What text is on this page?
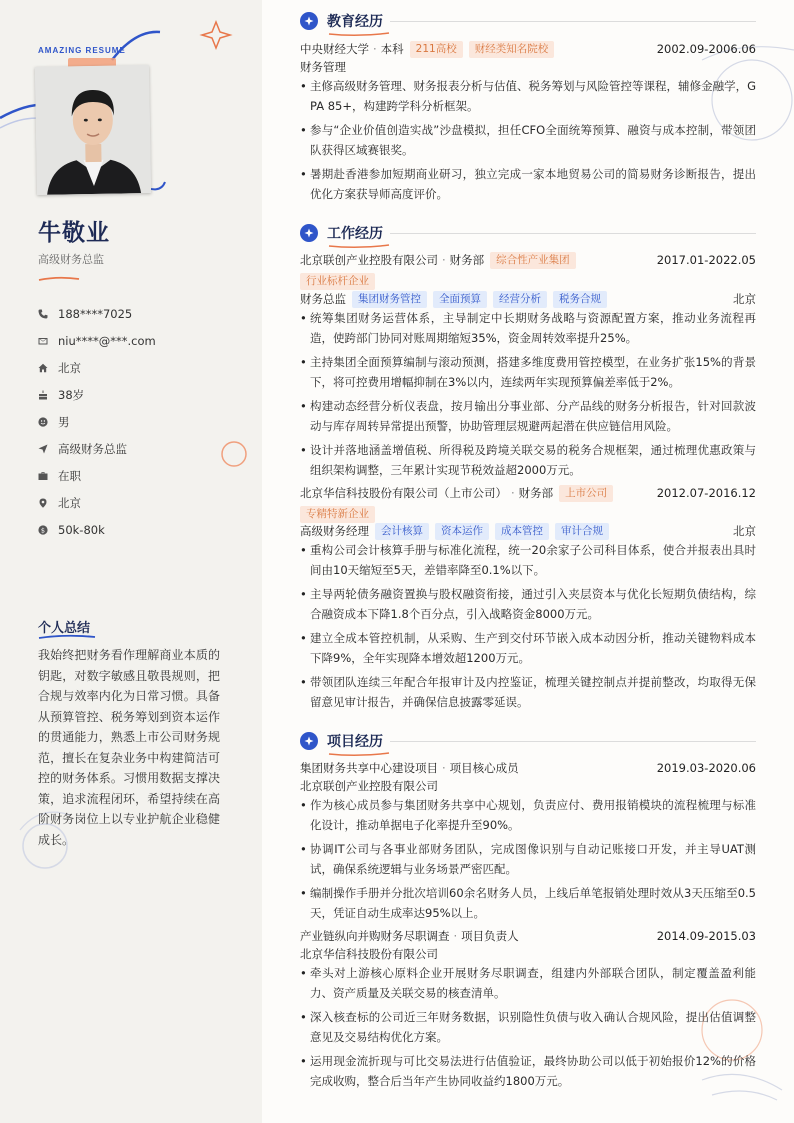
AMAZING RESUME
牛敬业
高级财务总监
188****7025
niu****@***.com
北京
38岁
男
高级财务总监
在职
北京
$ 50k-80k
个人总结
我始终把财务看作理解商业本质的钥匙，对数字敏感且敬畏规则，把合规与效率内化为日常习惯。具备从预算管控、税务筹划到资本运作的贯通能力，熟悉上市公司财务规范，擅长在复杂业务中构建简洁可控的财务体系。习惯用数据支撑决策，追求流程闭环，希望持续在高阶财务岗位上以专业护航企业稳健成长。
教育经历
中央财经大学 · 本科	211高校	财经类知名院校	2002.09-2006.06
财务管理
• 主修高级财务管理、财务报表分析与估值、税务筹划与风险管控等课程，辅修金融学，GPA 85+，构建跨学科分析框架。
• 参与“企业价值创造实战”沙盘模拟，担任CFO全面统筹预算、融资与成本控制，带领团队获得区域赛银奖。
• 暑期赴香港参加短期商业研习，独立完成一家本地贸易公司的简易财务诊断报告，提出优化方案获导师高度评价。
工作经历
北京联创产业控股有限公司 · 财务部	综合性产业集团	2017.01-2022.05
行业标杆企业
财务总监	集团财务管控	全面预算	经营分析	税务合规	北京
• 统筹集团财务运营体系，主导制定中长期财务战略与资源配置方案，推动业务流程再造，使跨部门协同对账周期缩短35%，资金周转效率提升25%。
• 主持集团全面预算编制与滚动预测，搭建多维度费用管控模型，在业务扩张15%的背景下，将可控费用增幅抑制在3%以内，连续两年实现预算偏差率低于2%。
• 构建动态经营分析仪表盘，按月输出分事业部、分产品线的财务分析报告，针对回款波动与库存周转异常提出预警，协助管理层规避两起潜在供应链信用风险。
• 设计并落地涵盖增值税、所得税及跨境关联交易的税务合规框架，通过梳理优惠政策与组织架构调整，三年累计实现节税效益超2000万元。
北京华信科技股份有限公司（上市公司） · 财务部	上市公司	2012.07-2016.12
专精特新企业
高级财务经理	会计核算	资本运作	成本管控	审计合规	北京
• 重构公司会计核算手册与标准化流程，统一20余家子公司科目体系，使合并报表出具时间由10天缩短至5天，差错率降至0.1%以下。
• 主导两轮债务融资置换与股权融资衔接，通过引入夹层资本与优化长短期负债结构，综合融资成本下降1.8个百分点，引入战略资金8000万元。
• 建立全成本管控机制，从采购、生产到交付环节嵌入成本动因分析，推动关键物料成本下降9%，全年实现降本增效超1200万元。
• 带领团队连续三年配合年报审计及内控鉴证，梳理关键控制点并提前整改，均取得无保留意见审计报告，并确保信息披露零延误。
项目经历
集团财务共享中心建设项目 · 项目核心成员	2019.03-2020.06
北京联创产业控股有限公司
• 作为核心成员参与集团财务共享中心规划，负责应付、费用报销模块的流程梳理与标准化设计，推动单据电子化率提升至90%。
• 协调IT公司与各事业部财务团队，完成图像识别与自动记账接口开发，并主导UAT测试，确保系统逻辑与业务场景严密匹配。
• 编制操作手册并分批次培训60余名财务人员，上线后单笔报销处理时效从3天压缩至0.5天，凭证自动生成率达95%以上。
产业链纵向并购财务尽职调查 · 项目负责人	2014.09-2015.03
北京华信科技股份有限公司
• 牵头对上游核心原料企业开展财务尽职调查，组建内外部联合团队，制定覆盖盈利能力、资产质量及关联交易的核查清单。
• 深入核查标的公司近三年财务数据，识别隐性负债与收入确认合规风险，提出估值调整意见及交易结构优化方案。
• 运用现金流折现与可比交易法进行估值验证，最终协助公司以低于初始报价12%的价格完成收购，整合后当年产生协同收益约1800万元。
